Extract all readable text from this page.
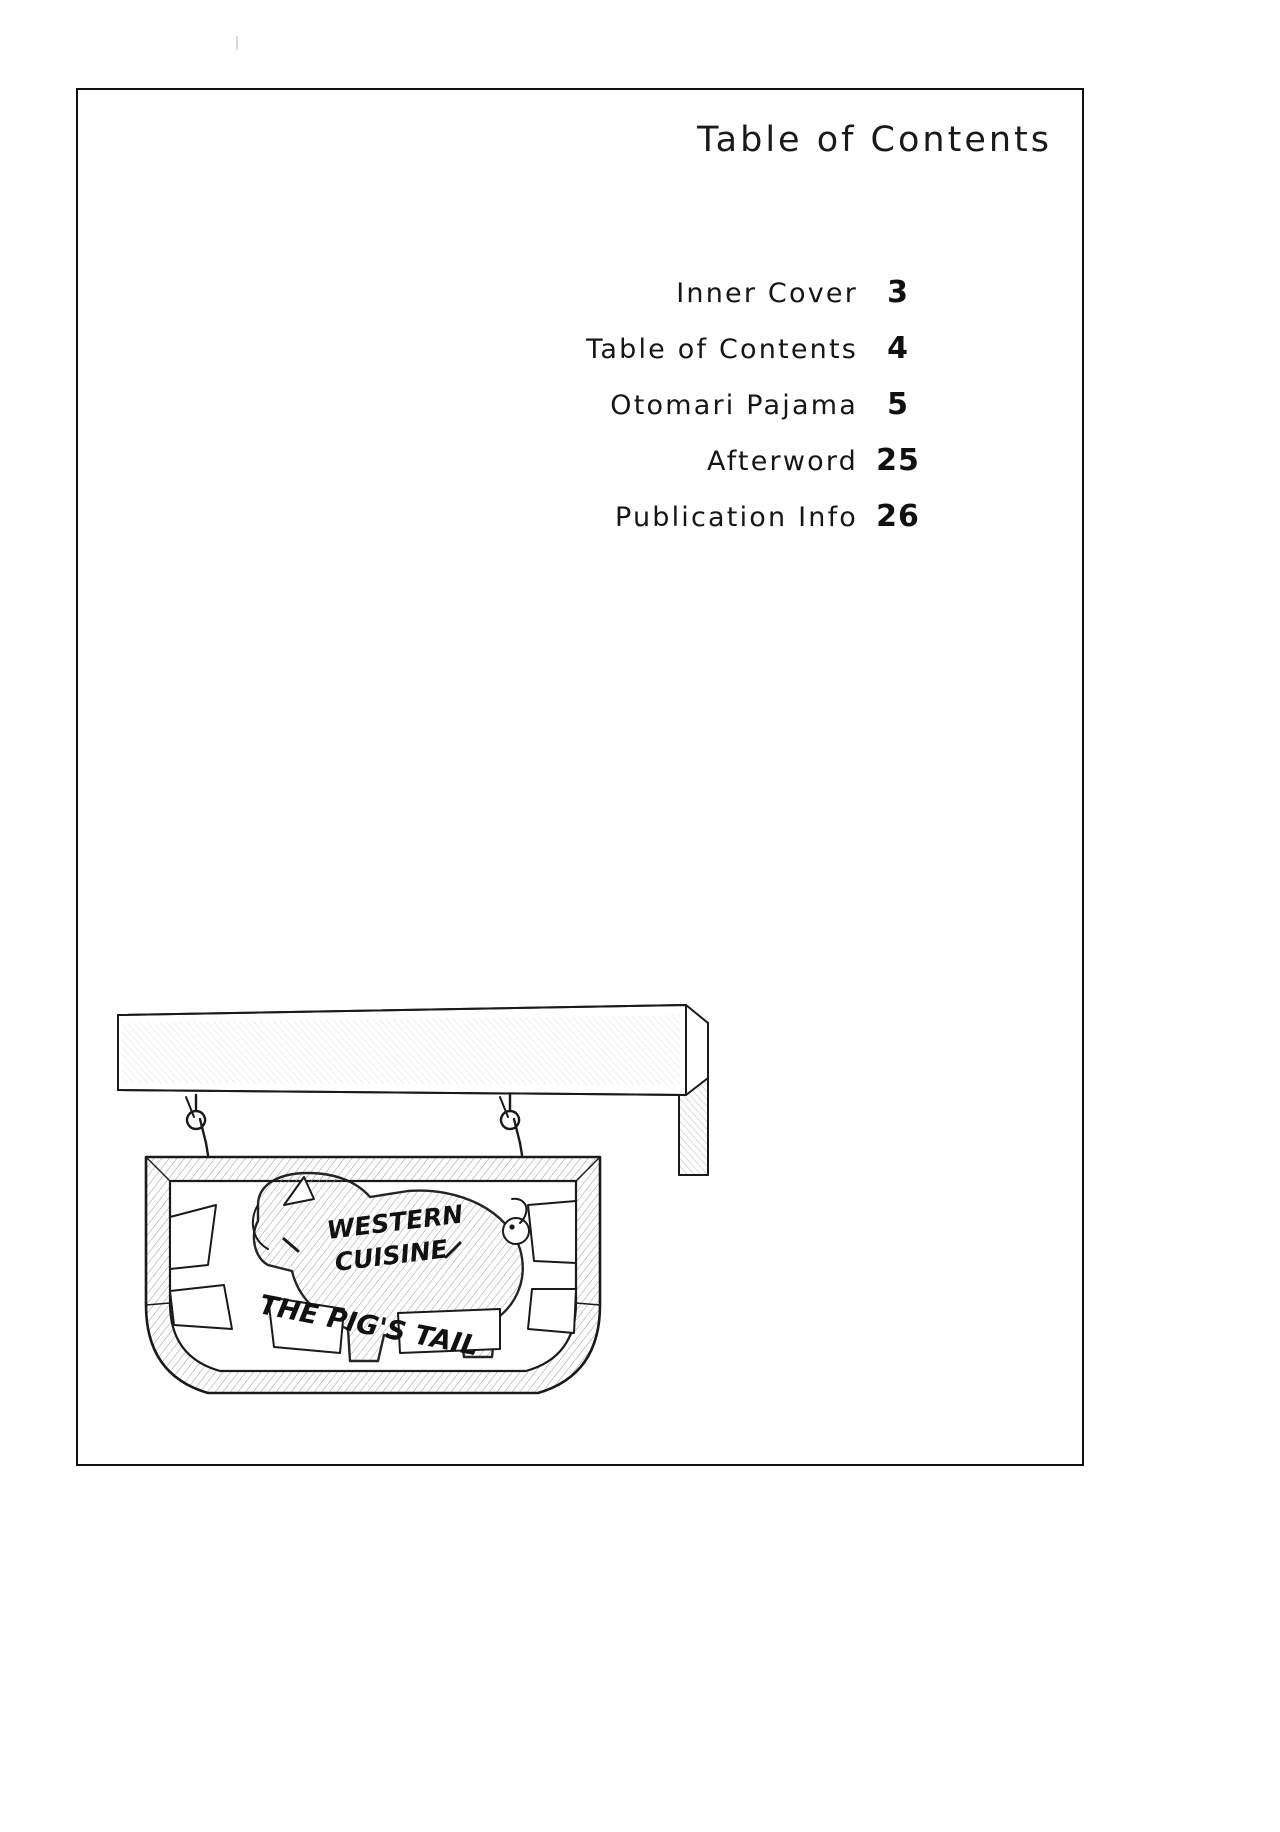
Table of Contents
Inner Cover 3
Table of Contents 4
Otomari Pajama 5
Afterword 25
Publication Info 26
WESTERN
CUISINE
THE PIG'S TAIL
